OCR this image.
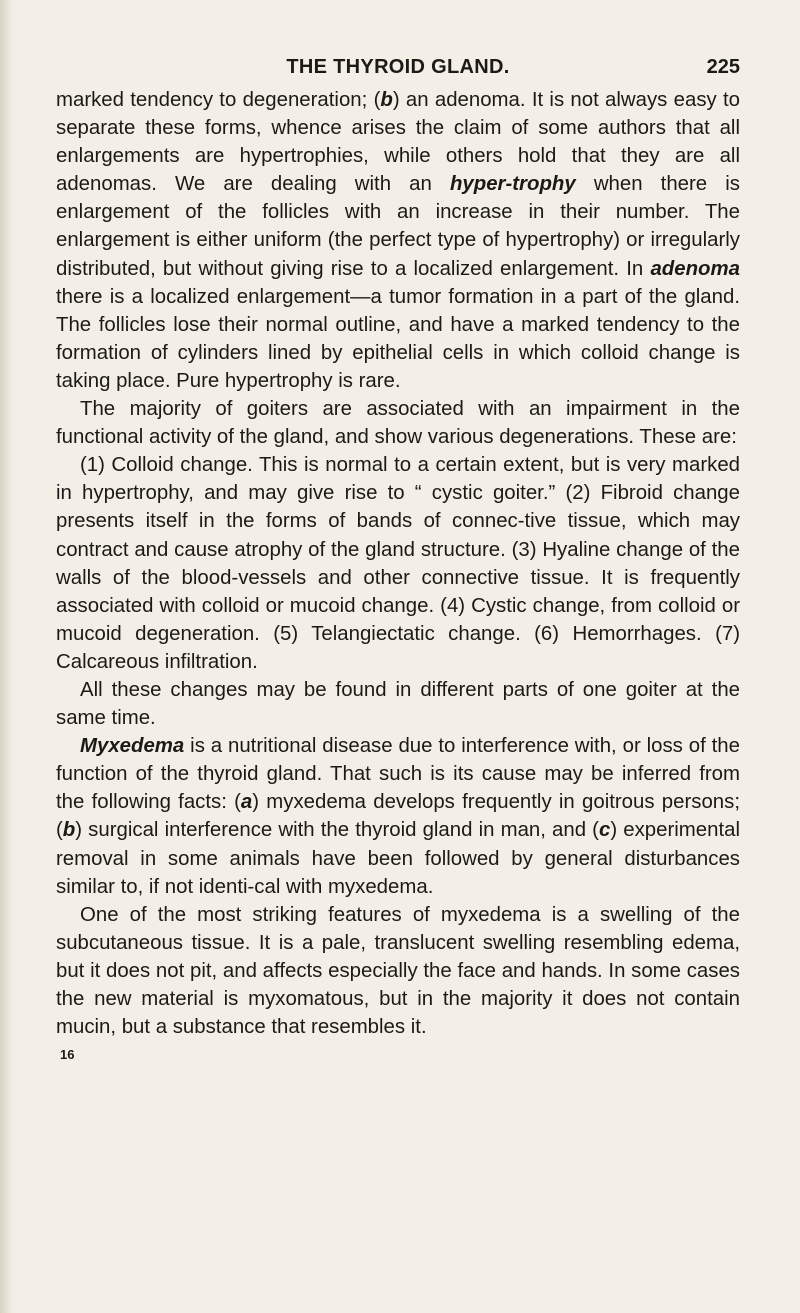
THE THYROID GLAND.	225

marked tendency to degeneration; (b) an adenoma. It is not always easy to separate these forms, whence arises the claim of some authors that all enlargements are hypertrophies, while others hold that they are all adenomas. We are dealing with an hyper-trophy when there is enlargement of the follicles with an increase in their number. The enlargement is either uniform (the perfect type of hypertrophy) or irregularly distributed, but without giving rise to a localized enlargement. In adenoma there is a localized enlargement—a tumor formation in a part of the gland. The follicles lose their normal outline, and have a marked tendency to the formation of cylinders lined by epithelial cells in which colloid change is taking place. Pure hypertrophy is rare.

The majority of goiters are associated with an impairment in the functional activity of the gland, and show various degenerations. These are:

(1) Colloid change. This is normal to a certain extent, but is very marked in hypertrophy, and may give rise to “ cystic goiter.” (2) Fibroid change presents itself in the forms of bands of connec-tive tissue, which may contract and cause atrophy of the gland structure. (3) Hyaline change of the walls of the blood-vessels and other connective tissue. It is frequently associated with colloid or mucoid change. (4) Cystic change, from colloid or mucoid degeneration. (5) Telangiectatic change. (6) Hemorrhages. (7) Calcareous infiltration.

All these changes may be found in different parts of one goiter at the same time.

Myxedema is a nutritional disease due to interference with, or loss of the function of the thyroid gland. That such is its cause may be inferred from the following facts: (a) myxedema develops frequently in goitrous persons; (b) surgical interference with the thyroid gland in man, and (c) experimental removal in some animals have been followed by general disturbances similar to, if not identi-cal with myxedema.

One of the most striking features of myxedema is a swelling of the subcutaneous tissue. It is a pale, translucent swelling resembling edema, but it does not pit, and affects especially the face and hands. In some cases the new material is myxomatous, but in the majority it does not contain mucin, but a substance that resembles it.

16
